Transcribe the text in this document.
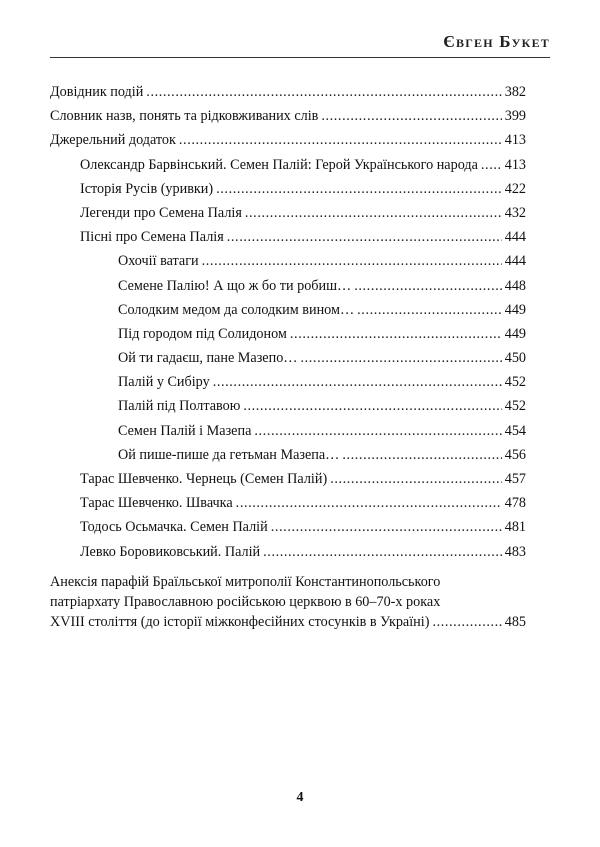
Євген Букет
Довідник подій .....	382
Словник назв, понять та рідковживаних слів .....	399
Джерельний додаток .....	413
Олександр Барвінський. Семен Палій: Герой Українського народа ..... 413
Історія Русів (уривки) .....	422
Легенди про Семена Палія .....	432
Пісні про Семена Палія .....	444
Охочії ватаги .....	444
Семене Палію! А що ж бо ти робиш… .....	448
Солодким медом да солодким вином… .....	449
Під городом під Солидоном .....	449
Ой ти гадаєш, пане Мазепо… .....	450
Палій у Сибіру .....	452
Палій під Полтавою .....	452
Семен Палій і Мазепа .....	454
Ой пише-пише да гетьман Мазепа… .....	456
Тарас Шевченко. Чернець (Семен Палій) .....	457
Тарас Шевченко. Швачка .....	478
Тодось Осьмачка. Семен Палій .....	481
Левко Боровиковський. Палій .....	483
Анексія парафій Браїльської митрополії Константинопольського
патріархату Православною російською церквою в 60–70-х роках
XVIII століття (до історії міжконфесійних стосунків в Україні) .....	485
4
